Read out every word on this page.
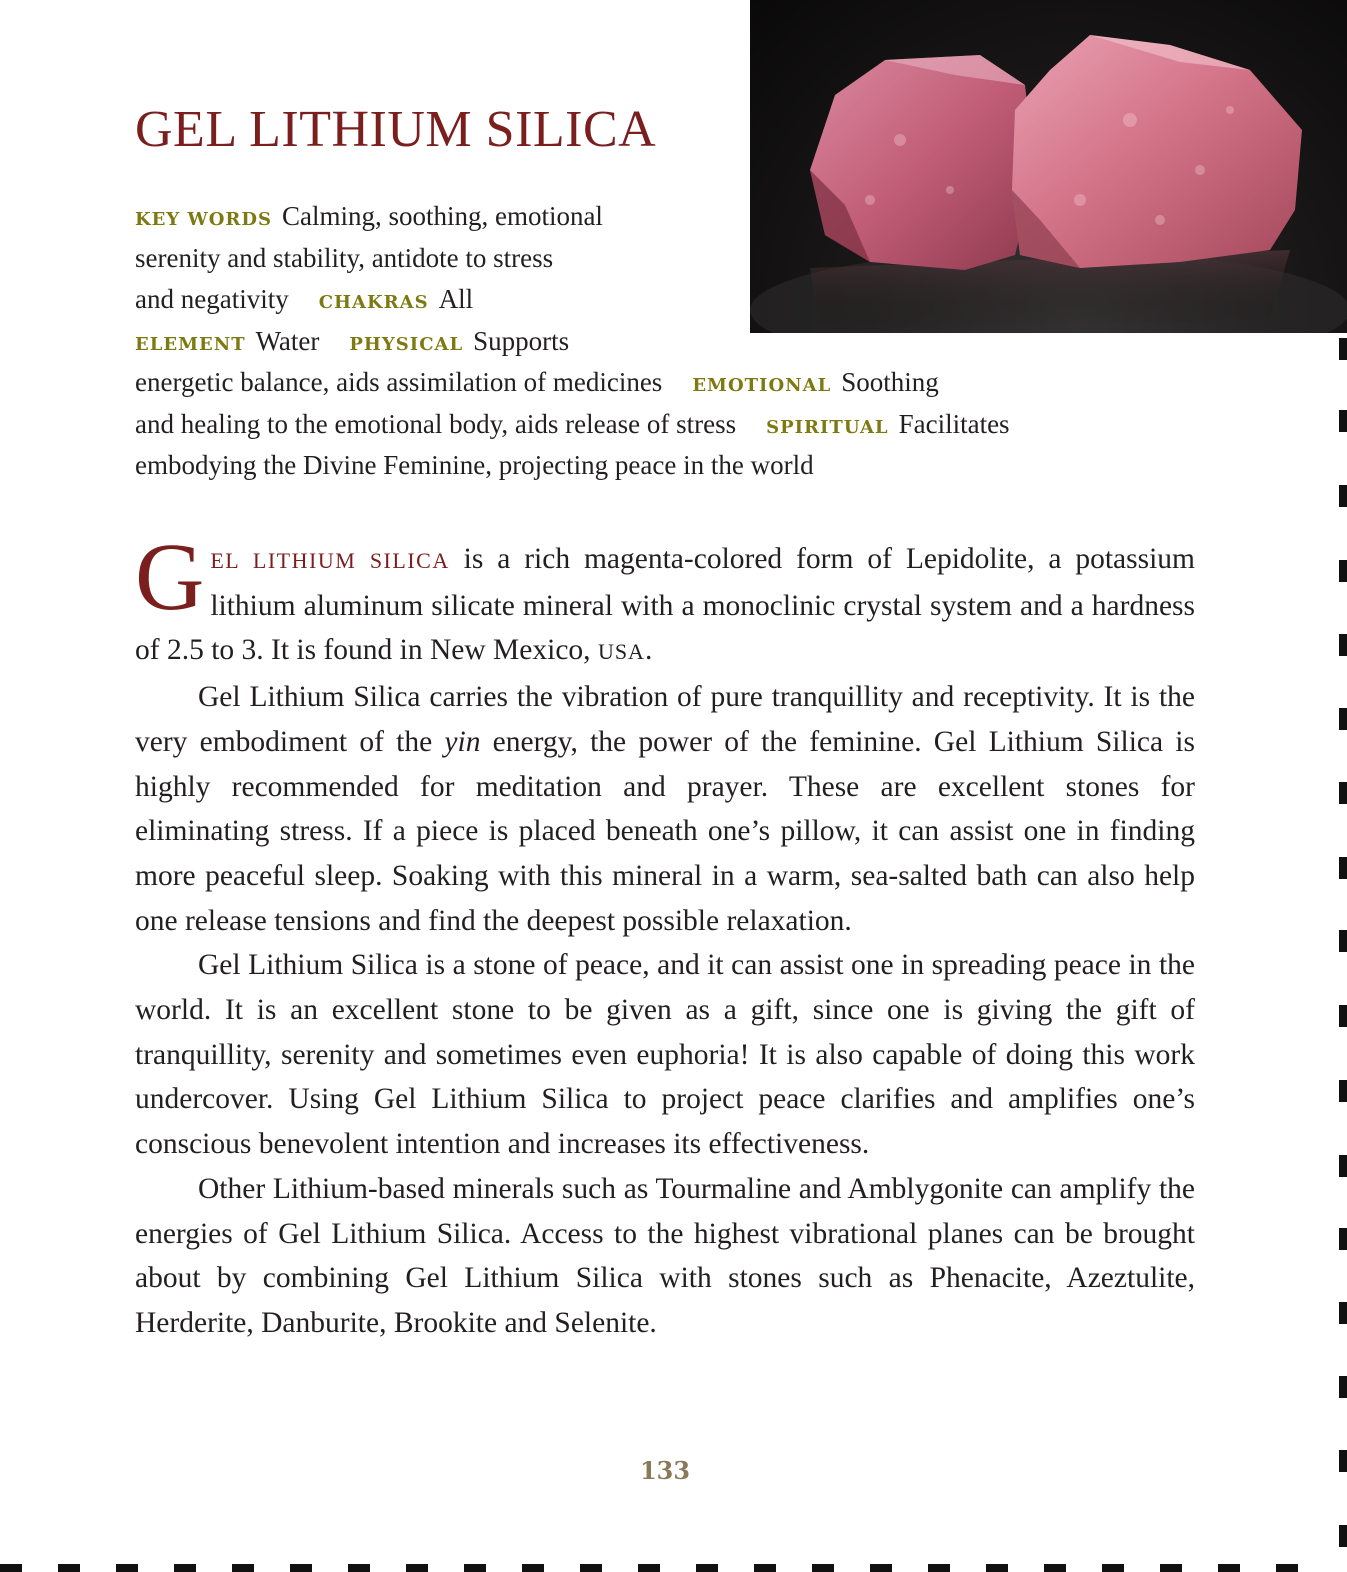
GEL LITHIUM SILICA
KEY WORDS Calming, soothing, emotional
serenity and stability, antidote to stress
and negativity CHAKRAS All
ELEMENT Water PHYSICAL Supports
energetic balance, aids assimilation of medicines EMOTIONAL Soothing
and healing to the emotional body, aids release of stress SPIRITUAL Facilitates
embodying the Divine Feminine, projecting peace in the world

GEL LITHIUM SILICA is a rich magenta-colored form of Lepidolite, a potassium lithium aluminum silicate mineral with a monoclinic crystal system and a hardness of 2.5 to 3. It is found in New Mexico, USA.

Gel Lithium Silica carries the vibration of pure tranquillity and receptivity. It is the very embodiment of the yin energy, the power of the feminine. Gel Lithium Silica is highly recommended for meditation and prayer. These are excellent stones for eliminating stress. If a piece is placed beneath one’s pillow, it can assist one in finding more peaceful sleep. Soaking with this mineral in a warm, sea-salted bath can also help one release tensions and find the deepest possible relaxation.

Gel Lithium Silica is a stone of peace, and it can assist one in spreading peace in the world. It is an excellent stone to be given as a gift, since one is giving the gift of tranquillity, serenity and sometimes even euphoria! It is also capable of doing this work undercover. Using Gel Lithium Silica to project peace clarifies and amplifies one’s conscious benevolent intention and increases its effectiveness.

Other Lithium-based minerals such as Tourmaline and Amblygonite can amplify the energies of Gel Lithium Silica. Access to the highest vibrational planes can be brought about by combining Gel Lithium Silica with stones such as Phenacite, Azeztulite, Herderite, Danburite, Brookite and Selenite.

133
